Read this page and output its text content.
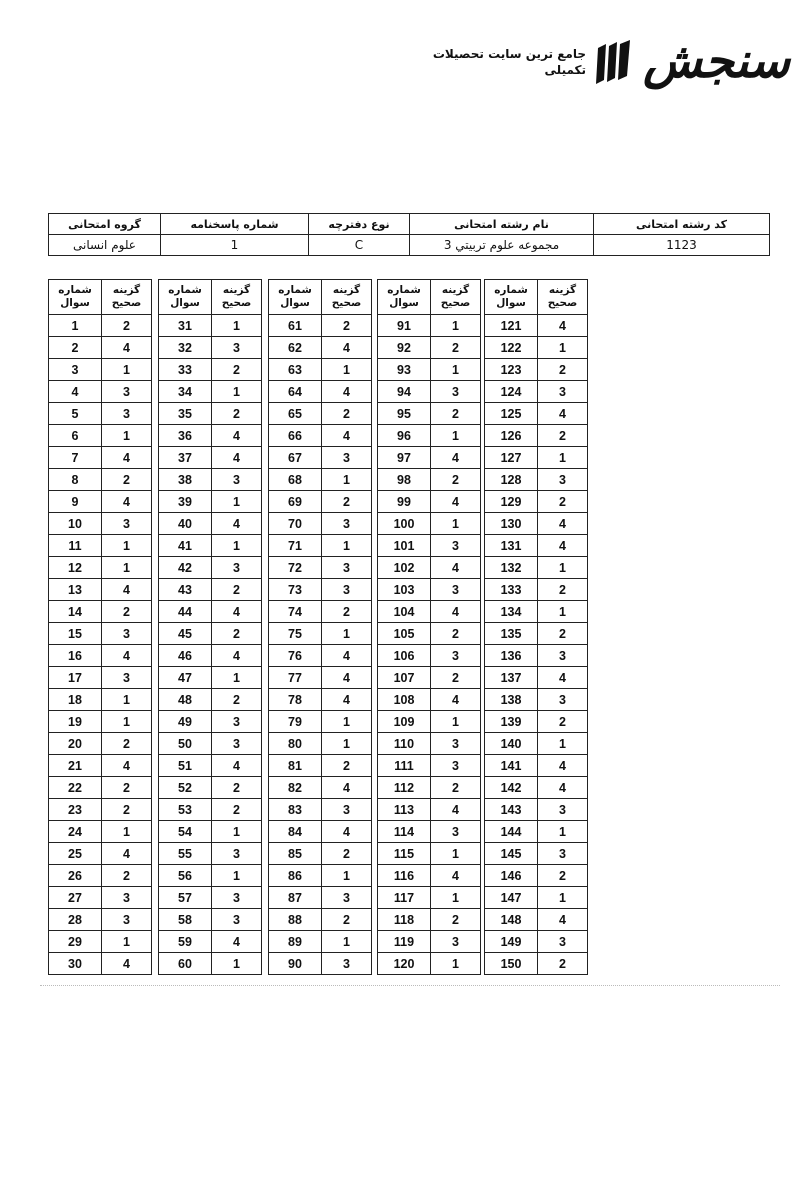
سنجش
جامع ترین سایت تحصیلات تکمیلی
کد رشته امتحانی	نام رشته امتحانی	نوع دفترچه	شماره پاسخنامه	گروه امتحانی
1123	مجموعه علوم تربيتي 3	C	1	علوم انسانی
شماره سوال	گزینه صحیح
1	2
2	4
3	1
4	3
5	3
6	1
7	4
8	2
9	4
10	3
11	1
12	1
13	4
14	2
15	3
16	4
17	3
18	1
19	1
20	2
21	4
22	2
23	2
24	1
25	4
26	2
27	3
28	3
29	1
30	4
شماره سوال	گزینه صحیح
31	1
32	3
33	2
34	1
35	2
36	4
37	4
38	3
39	1
40	4
41	1
42	3
43	2
44	4
45	2
46	4
47	1
48	2
49	3
50	3
51	4
52	2
53	2
54	1
55	3
56	1
57	3
58	3
59	4
60	1
شماره سوال	گزینه صحیح
61	2
62	4
63	1
64	4
65	2
66	4
67	3
68	1
69	2
70	3
71	1
72	3
73	3
74	2
75	1
76	4
77	4
78	4
79	1
80	1
81	2
82	4
83	3
84	4
85	2
86	1
87	3
88	2
89	1
90	3
شماره سوال	گزینه صحیح
91	1
92	2
93	1
94	3
95	2
96	1
97	4
98	2
99	4
100	1
101	3
102	4
103	3
104	4
105	2
106	3
107	2
108	4
109	1
110	3
111	3
112	2
113	4
114	3
115	1
116	4
117	1
118	2
119	3
120	1
شماره سوال	گزینه صحیح
121	4
122	1
123	2
124	3
125	4
126	2
127	1
128	3
129	2
130	4
131	4
132	1
133	2
134	1
135	2
136	3
137	4
138	3
139	2
140	1
141	4
142	4
143	3
144	1
145	3
146	2
147	1
148	4
149	3
150	2
